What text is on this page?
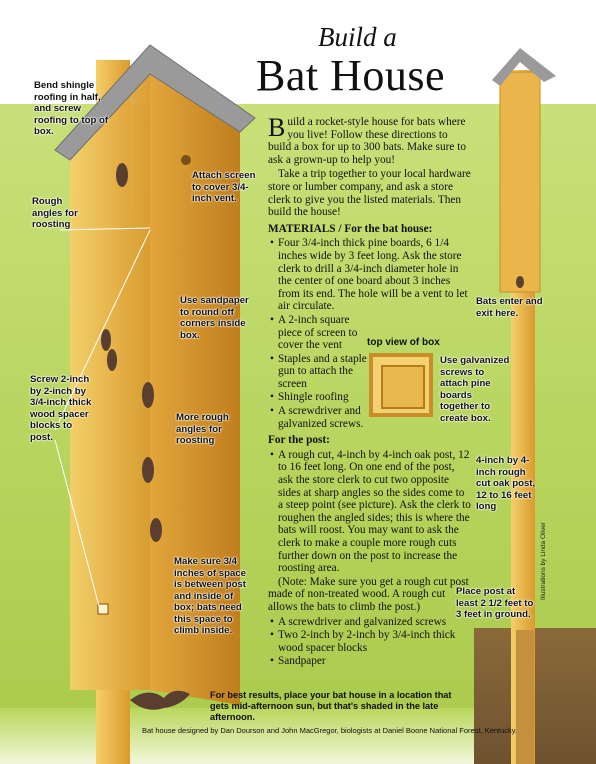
Build a
Bat House

Build a rocket-style house for bats where you live! Follow these directions to build a box for up to 300 bats. Make sure to ask a grown-up to help you!

Take a trip together to your local hardware store or lumber company, and ask a store clerk to give you the listed materials. Then build the house!

MATERIALS / For the bat house:

• Four 3/4-inch thick pine boards, 6 1/4 inches wide by 3 feet long. Ask the store clerk to drill a 3/4-inch diameter hole in the center of one board about 3 inches from its end. The hole will be a vent to let air circulate.
• A 2-inch square piece of screen to cover the vent
• Staples and a staple gun to attach the screen
• Shingle roofing
• A screwdriver and galvanized screws.

For the post:

• A rough cut, 4-inch by 4-inch oak post, 12 to 16 feet long. On one end of the post, ask the store clerk to cut two opposite sides at sharp angles so the sides come to a steep point (see picture). Ask the clerk to roughen the angled sides; this is where the bats will roost. You may want to ask the clerk to make a couple more rough cuts further down on the post to increase the roosting area.

(Note: Make sure you get a rough cut post made of non-treated wood. A rough cut allows the bats to climb the post.)

• A screwdriver and galvanized screws
• Two 2-inch by 2-inch by 3/4-inch thick wood spacer blocks
• Sandpaper
top view of box
Bend shingle roofing in half, and screw roofing to top of box.
Attach screen to cover 3/4-inch vent.
Rough angles for roosting
Use sandpaper to round off corners inside box.
Screw 2-inch by 2-inch by 3/4-inch thick wood spacer blocks to post.
More rough angles for roosting
Make sure 3/4 inches of space is between post and inside of box; bats need this space to climb inside.
Use galvanized screws to attach pine boards together to create box.
Bats enter and exit here.
4-inch by 4-inch rough cut oak post, 12 to 16 feet long
Place post at least 2 1/2 feet to 3 feet in ground.
Illustrations by Linda Oliver
For best results, place your bat house in a location that gets mid-afternoon sun, but that's shaded in the late afternoon.
Bat house designed by Dan Dourson and John MacGregor, biologists at Daniel Boone National Forest, Kentucky.
